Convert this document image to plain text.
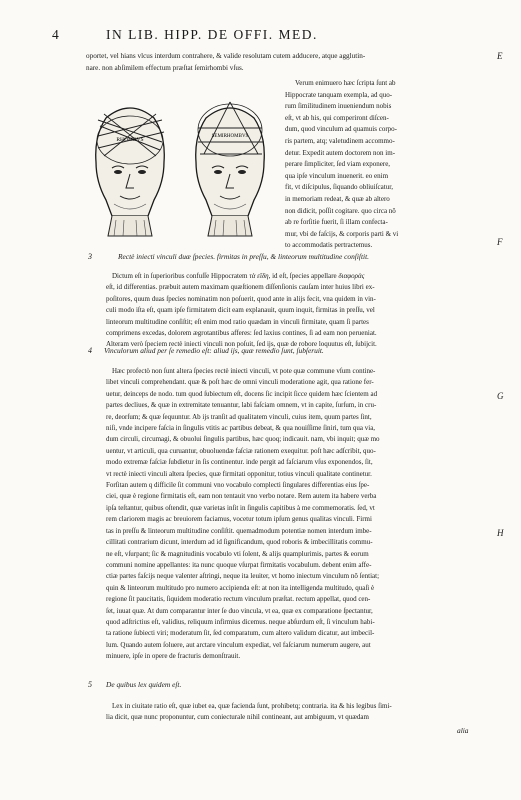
4	IN LIB. HIPP. DE OFFI. MED.
oportet, vel hians vlcus interdum contrahere, & valide resolutam cutem adducere, atque agglutin-
nare. non abſimilem effectum præſtat ſemirhombi vſus.
E
RHOMBVS
SEMIRHOMBVS
Verum enimuero hæc ſcripta ſunt ab
Hippocrate tanquam exempla, ad quo-
rum ſimilitudinem inueniendum nobis
eſt, vt ab his, qui comperiront diſcen-
dum, quod vinculum ad quamuis corpo-
ris partem, atq; valetudinem accommo-
detur. Expedit autem doctorem non im-
perare ſimpliciter, ſed viam exponere,
qua ipſe vinculum inuenerit. eo enim
fit, vt diſcipulus, ſiquando obliuiſcatur,
in memoriam redeat, & quæ ab altero
non didicit, poſſit cogitare. quo circa nõ
ab re forſitie fuerit, ſi illam confecta-
mur, vbi de faſcijs, & corporis parti & vi
to accommodatis pertractemus.	F
3	Rectè iniecti vinculi duæ ſpecies. firmitas in preſſu, & linteorum multitudine conſiſtit.
Dictum eſt in ſuperioribus confuſſe Hippocratem τὰ εἴδη, id eſt, ſpecies appellare διαφορὰς
eſt, id differentias. præbuit autem maximam quæſtionem diſſenſionis cauſam inter huius libri ex-
poſitores, quum duas ſpecies nominatim non poſuerit, quod ante in alijs fecit, vna quidem in vin-
culi modo iſta eſt, quam ipſe firmitatem dicit eam explanauit, quum inquit, firmitas in preſſu, vel
linteorum multitudine conſiſtit; eſt enim mod ratio quædam in vinculi firmitate, quam ſi partes
comprimens excedas, dolorem ægrotantibus afferes: ſed laxius contines, ſi ad eam non perueniat.
Alteram verò ſpeciem rectè iniecti vinculi non poſuit, ſed ijs, quæ de robore loquutus eſt, ſubijcit.
4 Vinculorum aliud per ſe remedio eſt: aliud ijs, quæ remedio ſunt, ſubſeruit.
Hæc profectò non ſunt altera ſpecies rectè iniecti vinculi, vt pote quæ commune vſum contine-
libet vinculi comprehendant. quæ & poſt hæc de omni vinculi moderatione agit, qua ratione fer-
uetur, deinceps de nodo. tum quod ſubiectum eſt, docens ſic incipit ſicce quidem hæc ſcientem ad
partes decliues, & quæ in extremitate tenuantur, labi faſciam omnem, vt in capite, ſurſum, in cru-
re, deorſum; & quæ ſequuntur. Ab ijs tranſit ad qualitatem vinculi, cuius item, quum partes ſint,
niſi, vnde incipere faſcia in ſingulis vtitis ac partibus debeat, & qua nouiſſime ſiniri, tum qua via,
dum circuli, circumagi, & obuolui ſingulis partibus, hæc quoq; indicauit. nam, vbi inquit; quæ mo
uentur, vt articuli, qua curuantur, obuoluendæ faſciæ rationem exequitur. poſt hæc adſcribit, quo-
modo extremæ faſciæ ſubdietur in ſis continentur. inde pergit ad faſciarum vſus exponendos, ſit,
vt rectè iniecti vinculi altera ſpecies, quæ firmitati opponitur, totius vinculi qualitate continetur.
Forſitan autem q difficile ſit communi vno vocabulo complecti ſingulares differentias eius ſpe-
ciei, quæ è regione firmitatis eſt, eam non tentauit vno verbo notare. Rem autem ita habere verba
ipſa teſtantur, quibus oſtendit, quæ varietas inſit in ſingulis capitibus à me commemoratis. ſed, vt
rem clariorem magis ac breuiorem faciamus, vocetur totum ipſum genus qualitas vinculi. Firmi
tas in preſſu & linteorum multitudine conſiſtit. quemadmodum potentiæ nomen interdum imbe-
cillitati contrarium dicunt, interdum ad id ſignificandum, quod roboris & imbecillitatis commu-
ne eſt, vſurpant; ſic & magnitudinis vocabulo vti ſolent, & alijs quamplurimis, partes & eorum
communi nomine appellantes: ita nunc quoque vſurpat firmitatis vocabulum. debent enim affe-
ctiæ partes faſcijs neque valenter aſtringi, neque ita leuiter, vt homo iniectum vinculum nõ ſentiat;
quin & linteorum multitudo pro numero accipienda eſt: at non ita intelligenda multitudo, quaſi è
regione ſit paucitatis, ſiquidem moderatio rectum vinculum præſtat. rectum appellat, quod cen-
ſet, iuuat quæ. At dum comparantur inter ſe duo vincula, vt ea, quæ ex comparatione ſpectantur,
quod adſtrictius eſt, validius, reliquum infirmius dicemus. neque abſurdum eſt, ſi vinculum habi-
ta ratione ſubiecti viri; moderatum ſit, ſed comparatum, cum altero validum dicatur, aut imbecil-
lum. Quando autem ſoluere, aut arctare vinculum expediat, vel faſciarum numerum augere, aut
minuere, ipſe in opere de fracturis demonſtrauit.
G
H
5 De quibus lex quidem eſt.
Lex in ciuitate ratio eſt, quæ iubet ea, quæ facienda ſunt, prohibetq; contraria. ita & his legibus ſimi-
lia dicit, quæ nunc proponuntur, cum coniecturale nihil contineant, aut ambiguum, vt quædam
alia
